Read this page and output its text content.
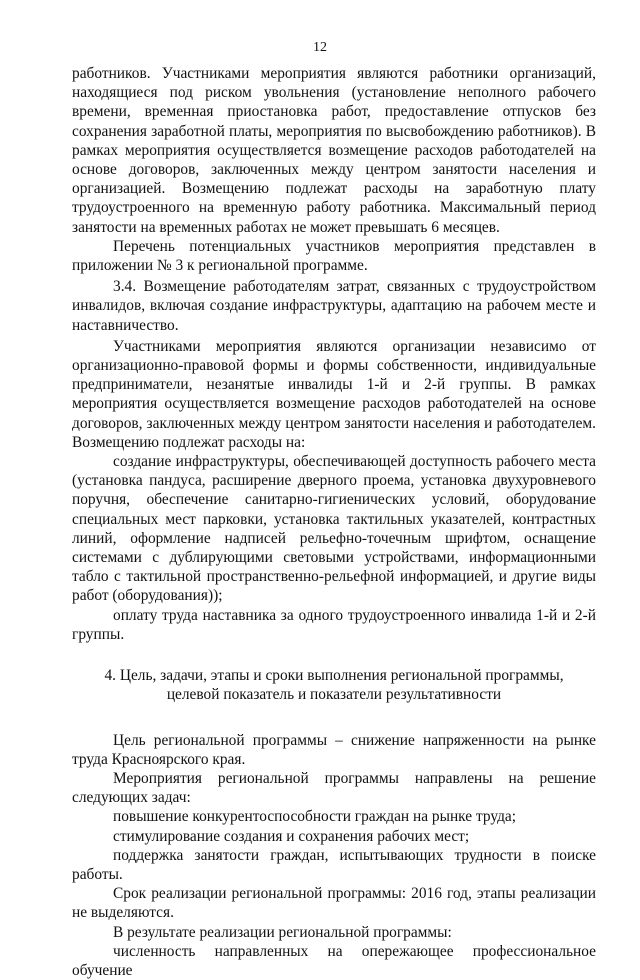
12

работников. Участниками мероприятия являются работники организаций, находящиеся под риском увольнения (установление неполного рабочего времени, временная приостановка работ, предоставление отпусков без сохранения заработной платы, мероприятия по высвобождению работников). В рамках мероприятия осуществляется возмещение расходов работодателей на основе договоров, заключенных между центром занятости населения и организацией. Возмещению подлежат расходы на заработную плату трудоустроенного на временную работу работника. Максимальный период занятости на временных работах не может превышать 6 месяцев.

Перечень потенциальных участников мероприятия представлен в приложении № 3 к региональной программе.

3.4. Возмещение работодателям затрат, связанных с трудоустройством инвалидов, включая создание инфраструктуры, адаптацию на рабочем месте и наставничество.

Участниками мероприятия являются организации независимо от организационно-правовой формы и формы собственности, индивидуальные предприниматели, незанятые инвалиды 1-й и 2-й группы. В рамках мероприятия осуществляется возмещение расходов работодателей на основе договоров, заключенных между центром занятости населения и работодателем. Возмещению подлежат расходы на:

создание инфраструктуры, обеспечивающей доступность рабочего места (установка пандуса, расширение дверного проема, установка двухуровневого поручня, обеспечение санитарно-гигиенических условий, оборудование специальных мест парковки, установка тактильных указателей, контрастных линий, оформление надписей рельефно-точечным шрифтом, оснащение системами с дублирующими световыми устройствами, информационными табло с тактильной пространственно-рельефной информацией, и другие виды работ (оборудования));

оплату труда наставника за одного трудоустроенного инвалида 1-й и 2-й группы.

4. Цель, задачи, этапы и сроки выполнения региональной программы,
целевой показатель и показатели результативности

Цель региональной программы – снижение напряженности на рынке труда Красноярского края.

Мероприятия региональной программы направлены на решение следующих задач:

повышение конкурентоспособности граждан на рынке труда;

стимулирование создания и сохранения рабочих мест;

поддержка занятости граждан, испытывающих трудности в поиске работы.

Срок реализации региональной программы: 2016 год, этапы реализации не выделяются.

В результате реализации региональной программы:

численность направленных на опережающее профессиональное обучение
